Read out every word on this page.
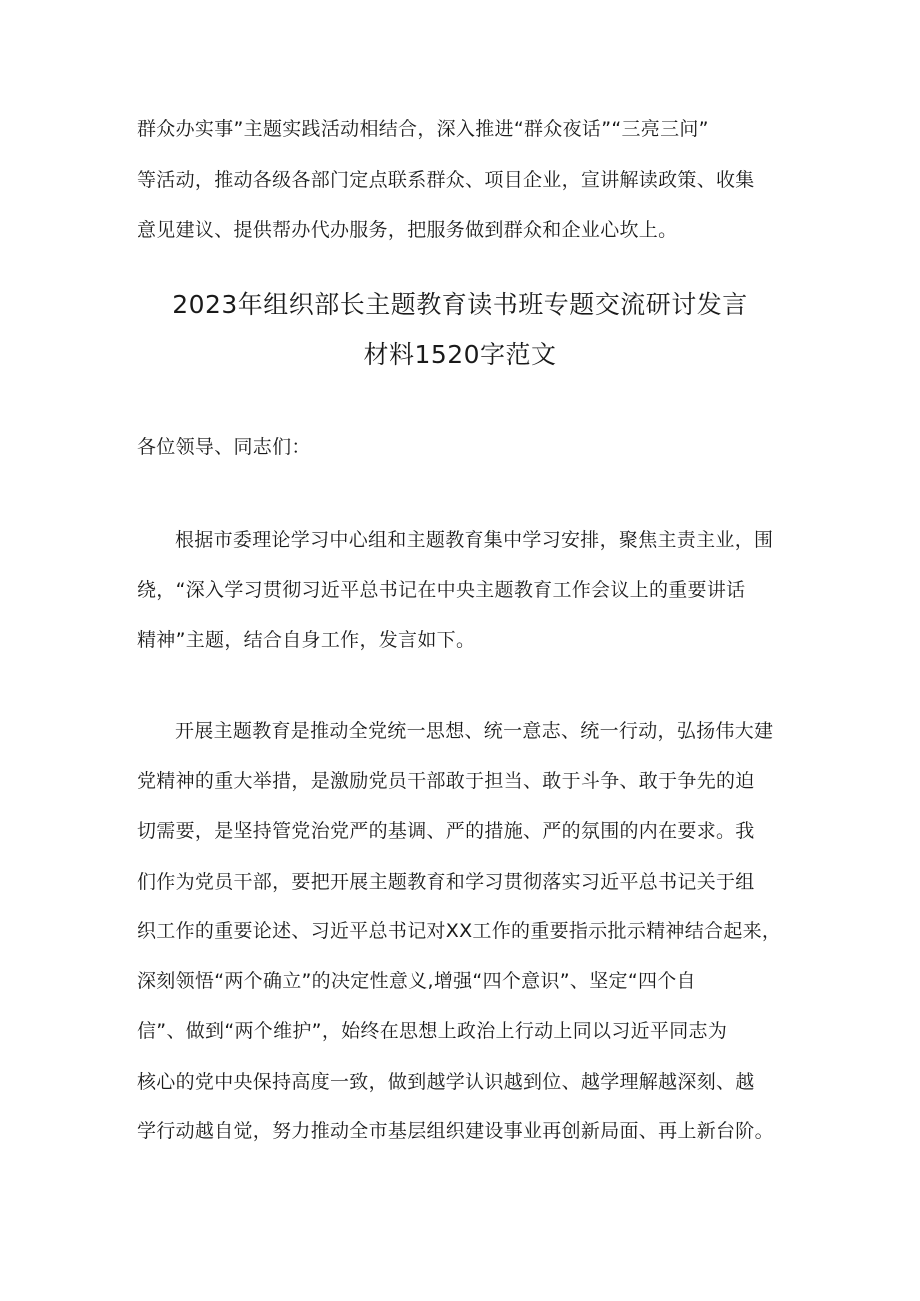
群众办实事”主题实践活动相结合，深入推进“群众夜话”“三亮三问”
等活动，推动各级各部门定点联系群众、项目企业，宣讲解读政策、收集
意见建议、提供帮办代办服务，把服务做到群众和企业心坎上。
2023年组织部长主题教育读书班专题交流研讨发言
材料1520字范文
各位领导、同志们：
根据市委理论学习中心组和主题教育集中学习安排，聚焦主责主业，围
绕，“深入学习贯彻习近平总书记在中央主题教育工作会议上的重要讲话
精神”主题，结合自身工作，发言如下。
开展主题教育是推动全党统一思想、统一意志、统一行动，弘扬伟大建
党精神的重大举措，是激励党员干部敢于担当、敢于斗争、敢于争先的迫
切需要，是坚持管党治党严的基调、严的措施、严的氛围的内在要求。我
们作为党员干部，要把开展主题教育和学习贯彻落实习近平总书记关于组
织工作的重要论述、习近平总书记对XX工作的重要指示批示精神结合起来，
深刻领悟“两个确立”的决定性意义,增强“四个意识”、坚定“四个自
信”、做到“两个维护”，始终在思想上政治上行动上同以习近平同志为
核心的党中央保持高度一致，做到越学认识越到位、越学理解越深刻、越
学行动越自觉，努力推动全市基层组织建设事业再创新局面、再上新台阶。
